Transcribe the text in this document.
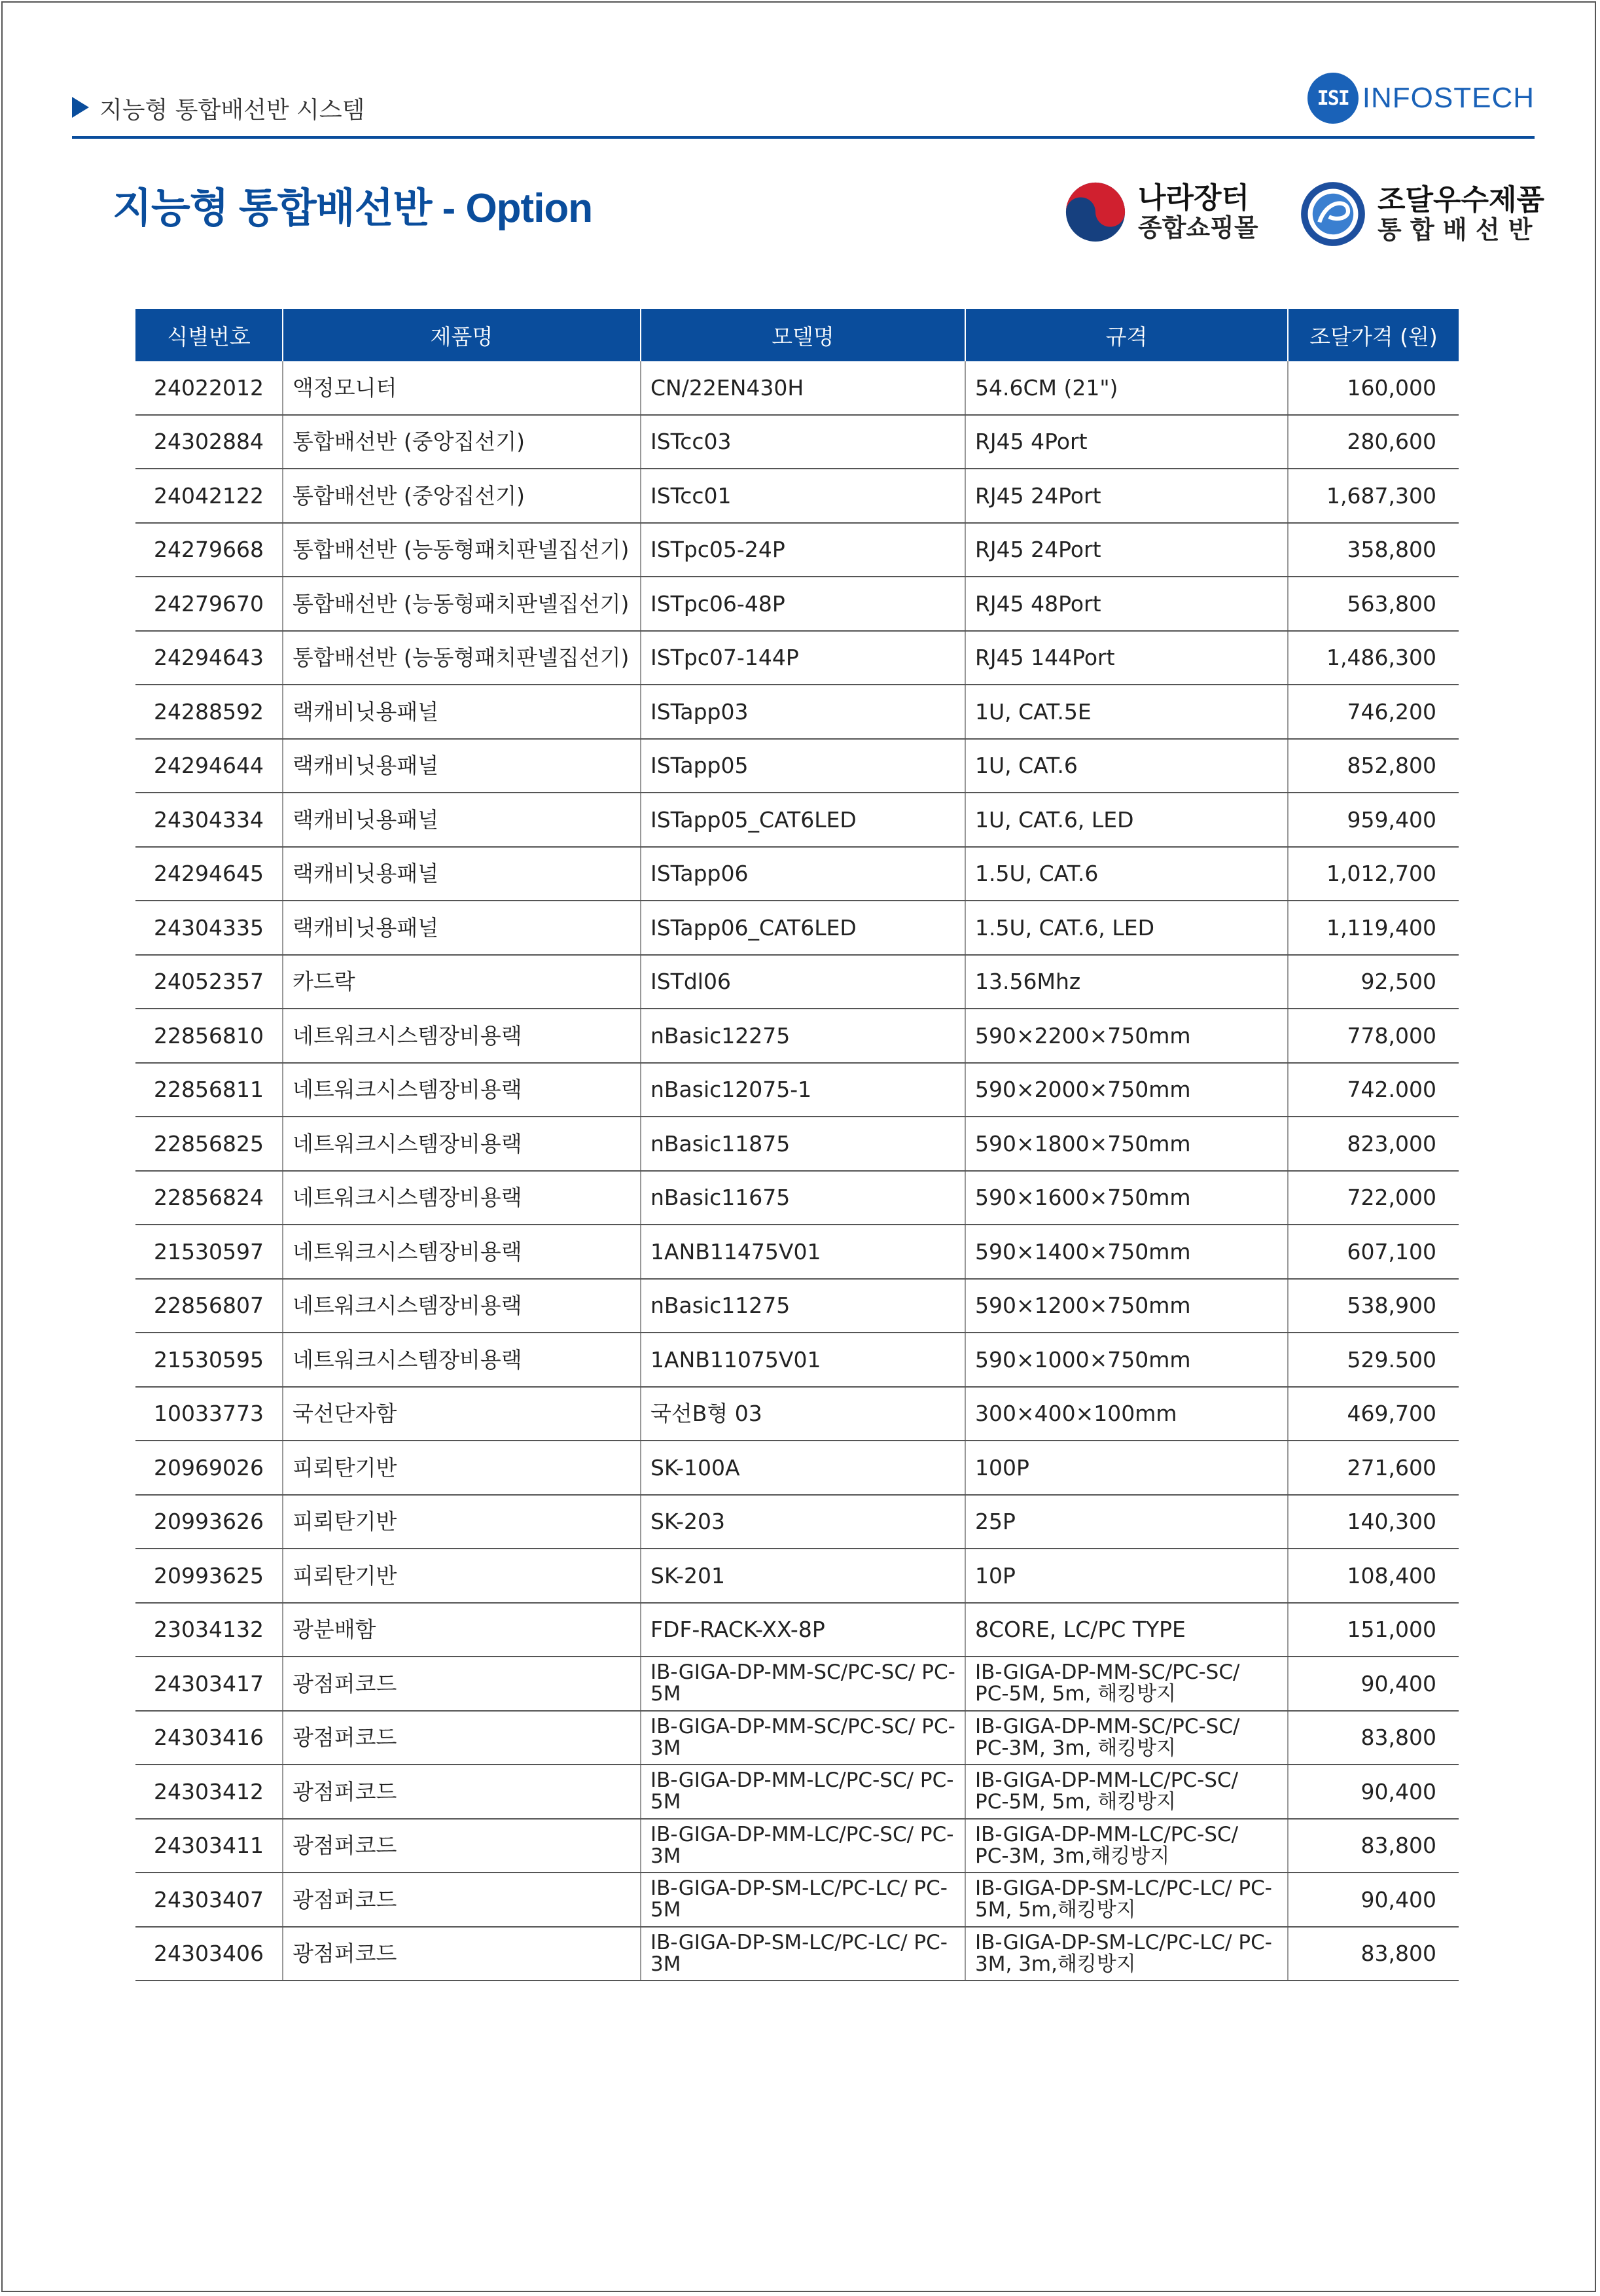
지능형 통합배선반 시스템	ISI INFOSTECH
지능형 통합배선반 - Option	나라장터
종합쇼핑몰
조달우수제품
통 합 배 선 반
식별번호	제품명	모델명	규격	조달가격 (원)
24022012	액정모니터	CN/22EN430H	54.6CM (21")	160,000
24302884	통합배선반 (중앙집선기)	ISTcc03	RJ45 4Port	280,600
24042122	통합배선반 (중앙집선기)	ISTcc01	RJ45 24Port	1,687,300
24279668	통합배선반 (능동형패치판넬집선기)	ISTpc05-24P	RJ45 24Port	358,800
24279670	통합배선반 (능동형패치판넬집선기)	ISTpc06-48P	RJ45 48Port	563,800
24294643	통합배선반 (능동형패치판넬집선기)	ISTpc07-144P	RJ45 144Port	1,486,300
24288592	랙캐비닛용패널	ISTapp03	1U, CAT.5E	746,200
24294644	랙캐비닛용패널	ISTapp05	1U, CAT.6	852,800
24304334	랙캐비닛용패널	ISTapp05_CAT6LED	1U, CAT.6, LED	959,400
24294645	랙캐비닛용패널	ISTapp06	1.5U, CAT.6	1,012,700
24304335	랙캐비닛용패널	ISTapp06_CAT6LED	1.5U, CAT.6, LED	1,119,400
24052357	카드락	ISTdl06	13.56Mhz	92,500
22856810	네트워크시스템장비용랙	nBasic12275	590×2200×750mm	778,000
22856811	네트워크시스템장비용랙	nBasic12075-1	590×2000×750mm	742.000
22856825	네트워크시스템장비용랙	nBasic11875	590×1800×750mm	823,000
22856824	네트워크시스템장비용랙	nBasic11675	590×1600×750mm	722,000
21530597	네트워크시스템장비용랙	1ANB11475V01	590×1400×750mm	607,100
22856807	네트워크시스템장비용랙	nBasic11275	590×1200×750mm	538,900
21530595	네트워크시스템장비용랙	1ANB11075V01	590×1000×750mm	529.500
10033773	국선단자함	국선B형 03	300×400×100mm	469,700
20969026	피뢰탄기반	SK-100A	100P	271,600
20993626	피뢰탄기반	SK-203	25P	140,300
20993625	피뢰탄기반	SK-201	10P	108,400
23034132	광분배함	FDF-RACK-XX-8P	8CORE, LC/PC TYPE	151,000
24303417	광점퍼코드	IB-GIGA-DP-MM-SC/PC-SC/ PC-5M	IB-GIGA-DP-MM-SC/PC-SC/ PC-5M, 5m, 해킹방지	90,400
24303416	광점퍼코드	IB-GIGA-DP-MM-SC/PC-SC/ PC-3M	IB-GIGA-DP-MM-SC/PC-SC/ PC-3M, 3m, 해킹방지	83,800
24303412	광점퍼코드	IB-GIGA-DP-MM-LC/PC-SC/ PC-5M	IB-GIGA-DP-MM-LC/PC-SC/ PC-5M, 5m, 해킹방지	90,400
24303411	광점퍼코드	IB-GIGA-DP-MM-LC/PC-SC/ PC-3M	IB-GIGA-DP-MM-LC/PC-SC/ PC-3M, 3m,해킹방지	83,800
24303407	광점퍼코드	IB-GIGA-DP-SM-LC/PC-LC/ PC-5M	IB-GIGA-DP-SM-LC/PC-LC/ PC-5M, 5m,해킹방지	90,400
24303406	광점퍼코드	IB-GIGA-DP-SM-LC/PC-LC/ PC-3M	IB-GIGA-DP-SM-LC/PC-LC/ PC-3M, 3m,해킹방지	83,800
